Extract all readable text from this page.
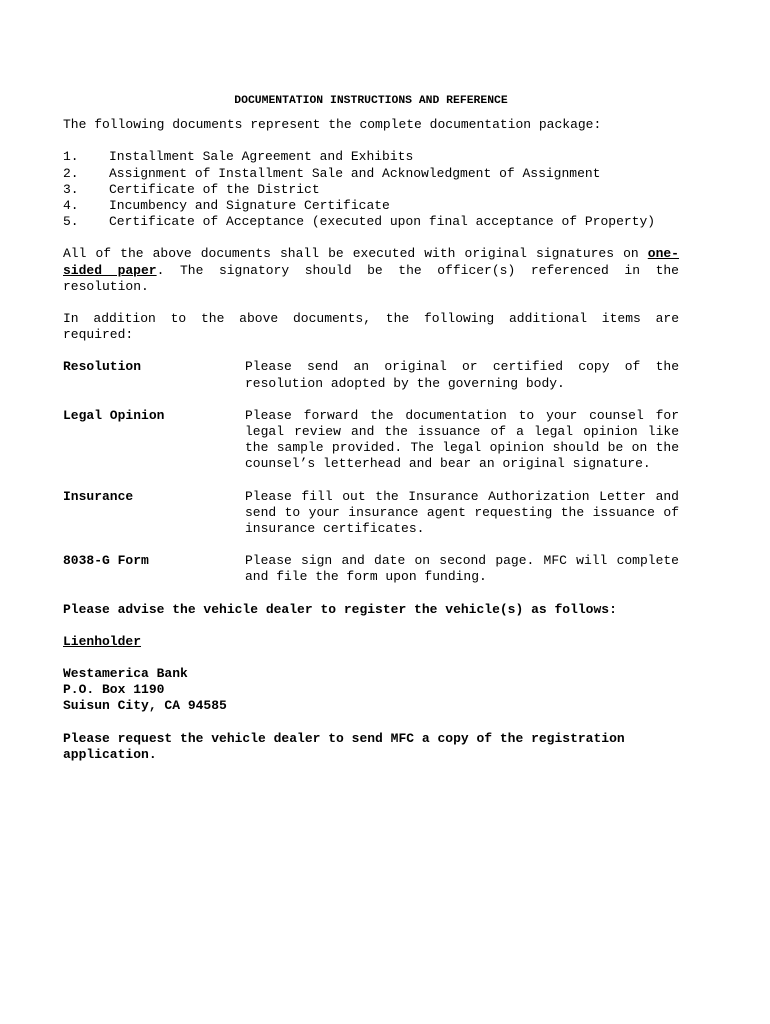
DOCUMENTATION INSTRUCTIONS AND REFERENCE

The following documents represent the complete documentation package:

1.	Installment Sale Agreement and Exhibits
2.	Assignment of Installment Sale and Acknowledgment of Assignment
3.	Certificate of the District
4.	Incumbency and Signature Certificate
5.	Certificate of Acceptance (executed upon final acceptance of Property)

All of the above documents shall be executed with original signatures on one-sided paper. The signatory should be the officer(s) referenced in the resolution.

In addition to the above documents, the following additional items are required:

Resolution	Please send an original or certified copy of the resolution adopted by the governing body.
Legal Opinion	Please forward the documentation to your counsel for legal review and the issuance of a legal opinion like the sample provided. The legal opinion should be on the counsel’s letterhead and bear an original signature.
Insurance	Please fill out the Insurance Authorization Letter and send to your insurance agent requesting the issuance of insurance certificates.
8038-G Form	Please sign and date on second page. MFC will complete and file the form upon funding.

Please advise the vehicle dealer to register the vehicle(s) as follows:

Lienholder

Westamerica Bank

P.O. Box 1190

Suisun City, CA 94585

Please request the vehicle dealer to send MFC a copy of the registration application.
